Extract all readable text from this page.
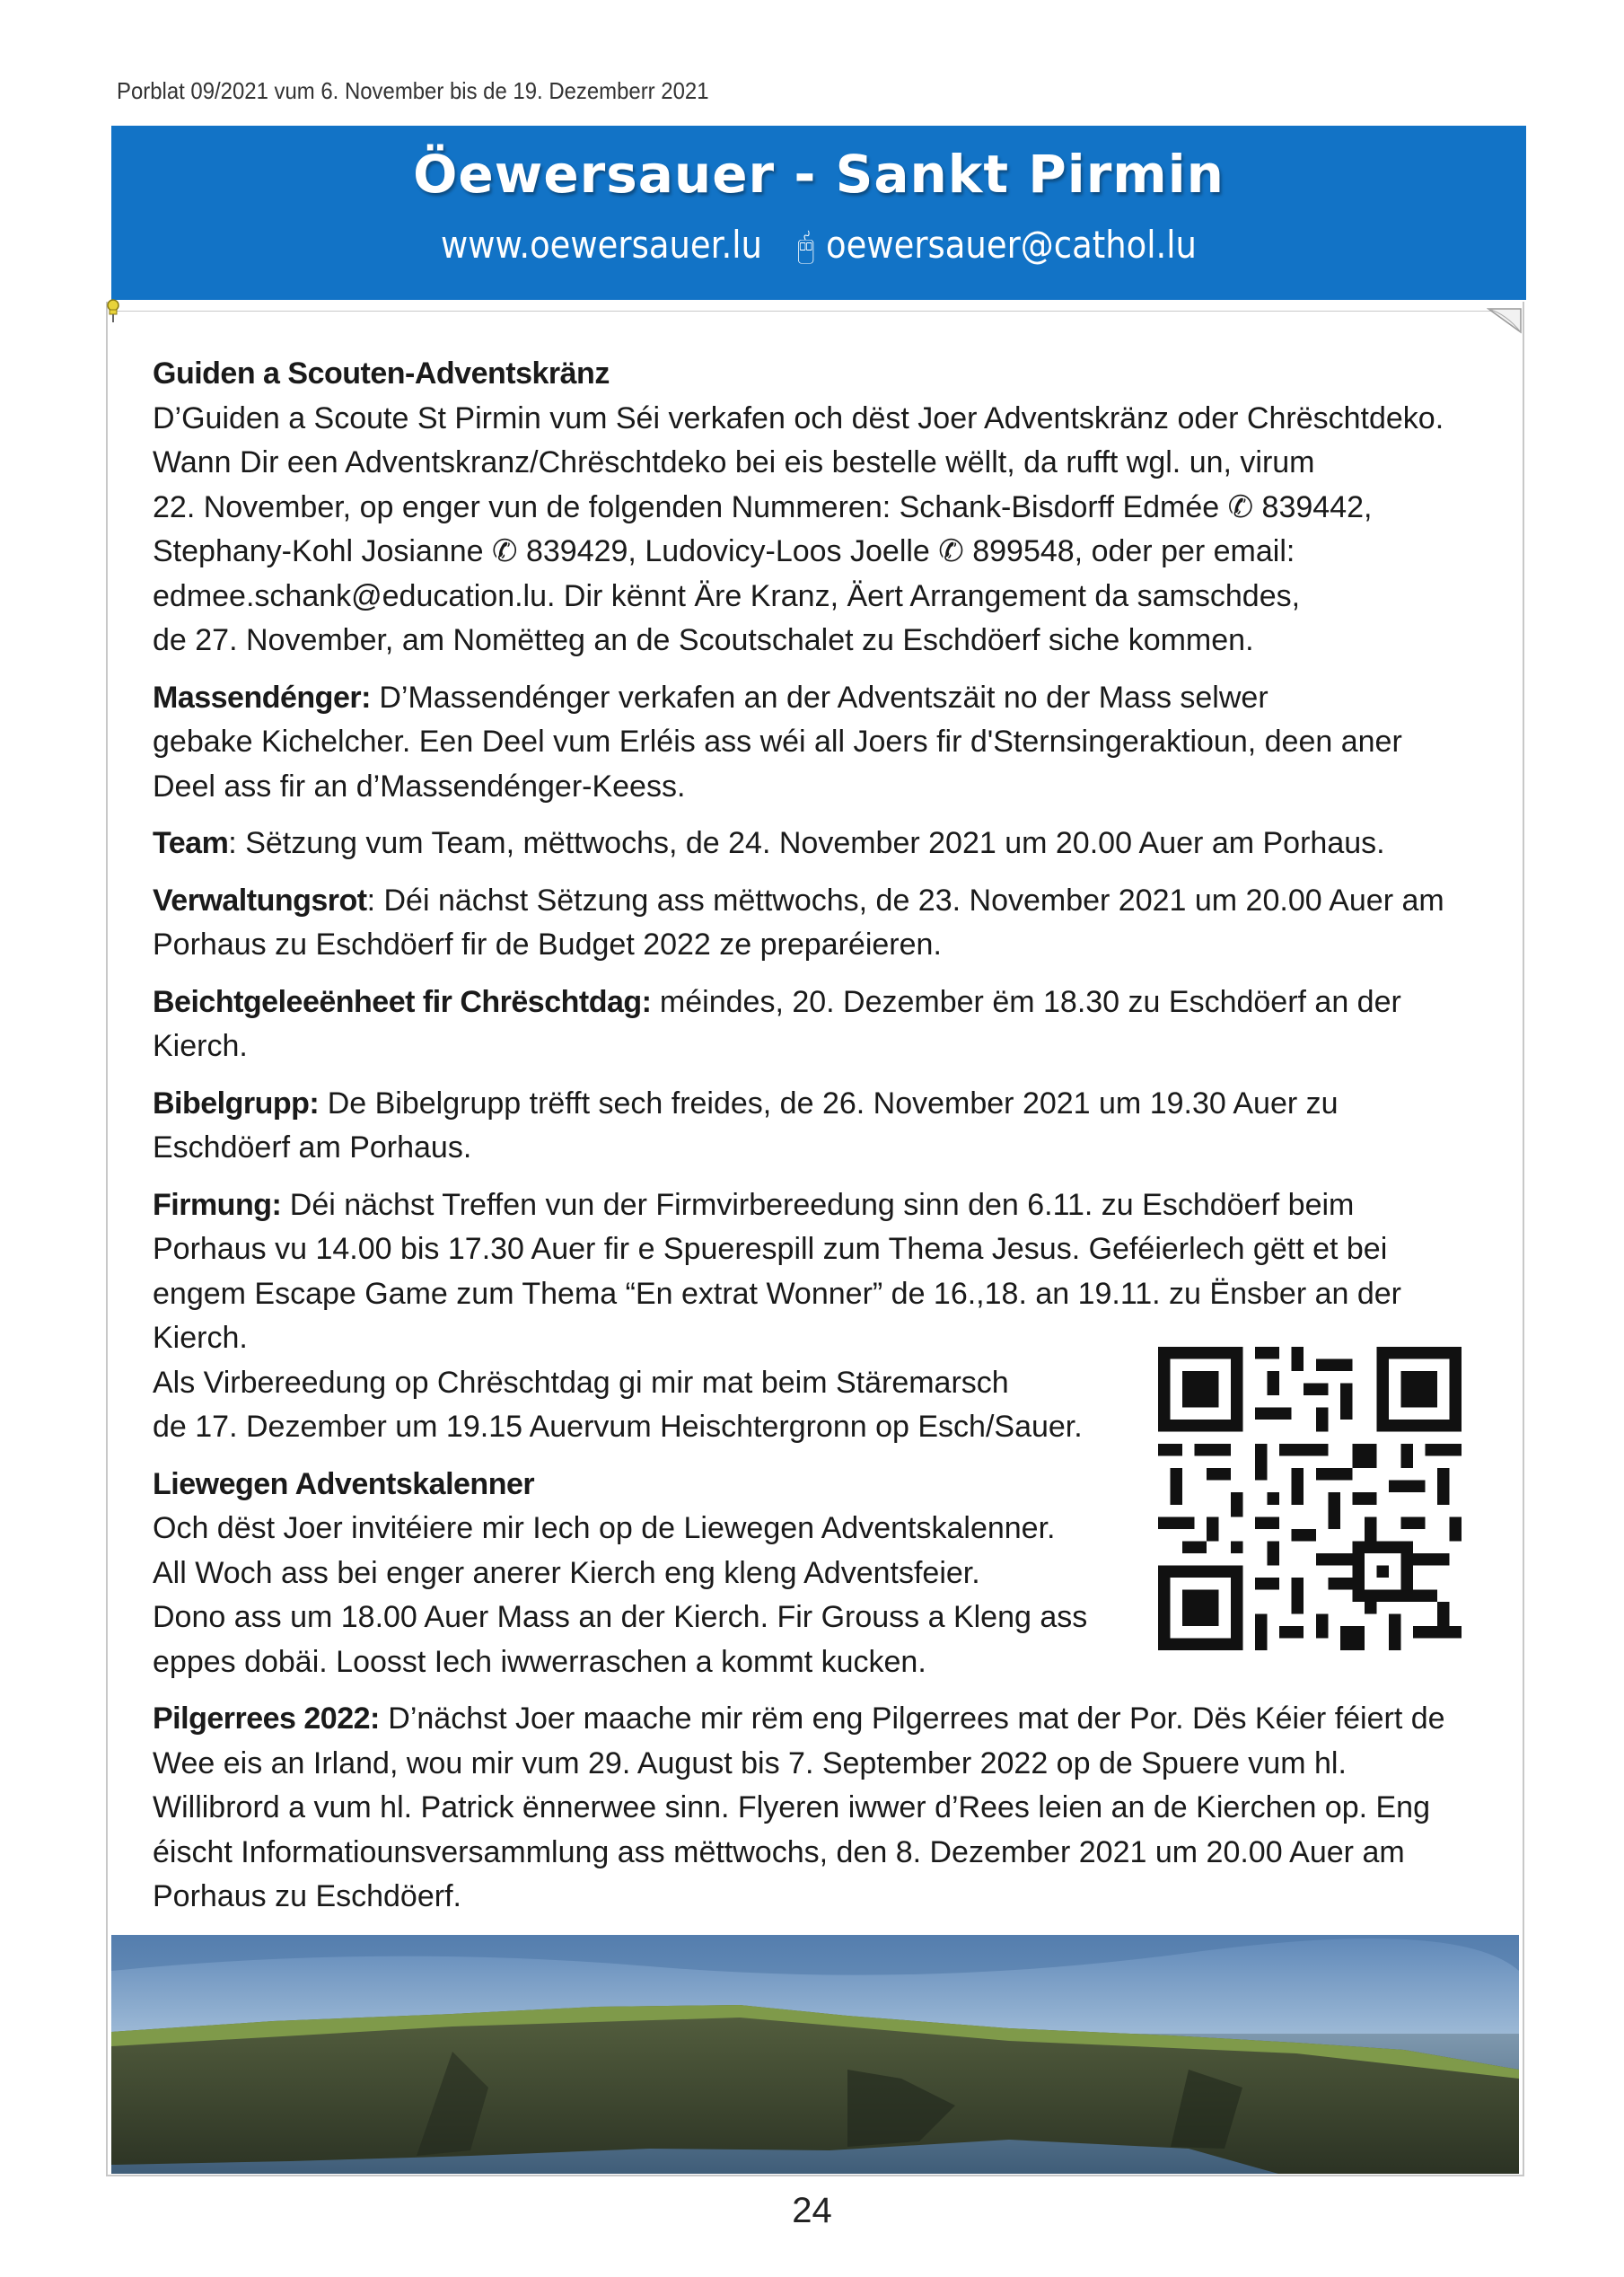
Porblat 09/2021 vum 6. November bis de 19. Dezemberr 2021
Öewersauer - Sankt Pirmin
www.oewersauer.lu 🖰 oewersauer@cathol.lu

Guiden a Scouten-Adventskränz
D’Guiden a Scoute St Pirmin vum Séi verkafen och dëst Joer Adventskränz oder Chrëschtdeko.
Wann Dir een Adventskranz/Chrëschtdeko bei eis bestelle wëllt, da rufft wgl. un, virum
22. November, op enger vun de folgenden Nummeren: Schank-Bisdorff Edmée ✆ 839442,
Stephany-Kohl Josianne ✆ 839429, Ludovicy-Loos Joelle ✆ 899548, oder per email:
edmee.schank@education.lu. Dir kënnt Äre Kranz, Äert Arrangement da samschdes,
de 27. November, am Nomëtteg an de Scoutschalet zu Eschdöerf siche kommen.

Massendénger: D’Massendénger verkafen an der Adventszäit no der Mass selwer
gebake Kichelcher. Een Deel vum Erléis ass wéi all Joers fir d'Sternsingeraktioun, deen aner
Deel ass fir an d’Massendénger-Keess.

Team: Sëtzung vum Team, mëttwochs, de 24. November 2021 um 20.00 Auer am Porhaus.

Verwaltungsrot: Déi nächst Sëtzung ass mëttwochs, de 23. November 2021 um 20.00 Auer am
Porhaus zu Eschdöerf fir de Budget 2022 ze preparéieren.

Beichtgeleeënheet fir Chrëschtdag: méindes, 20. Dezember ëm 18.30 zu Eschdöerf an der
Kierch.

Bibelgrupp: De Bibelgrupp trëfft sech freides, de 26. November 2021 um 19.30 Auer zu
Eschdöerf am Porhaus.

Firmung: Déi nächst Treffen vun der Firmvirbereedung sinn den 6.11. zu Eschdöerf beim
Porhaus vu 14.00 bis 17.30 Auer fir e Spuerespill zum Thema Jesus. Geféierlech gëtt et bei
engem Escape Game zum Thema “En extrat Wonner” de 16.,18. an 19.11. zu Ënsber an der
Kierch.
Als Virbereedung op Chrëschtdag gi mir mat beim Stäremarsch
de 17. Dezember um 19.15 Auervum Heischtergronn op Esch/Sauer.

Liewegen Adventskalenner
Och dëst Joer invitéiere mir Iech op de Liewegen Adventskalenner.
All Woch ass bei enger anerer Kierch eng kleng Adventsfeier.
Dono ass um 18.00 Auer Mass an der Kierch. Fir Grouss a Kleng ass
eppes dobäi. Loosst Iech iwwerraschen a kommt kucken.

Pilgerrees 2022: D’nächst Joer maache mir rëm eng Pilgerrees mat der Por. Dës Kéier féiert de
Wee eis an Irland, wou mir vum 29. August bis 7. September 2022 op de Spuere vum hl.
Willibrord a vum hl. Patrick ënnerwee sinn. Flyeren iwwer d’Rees leien an de Kierchen op. Eng
éischt Informatiounsversammlung ass mëttwochs, den 8. Dezember 2021 um 20.00 Auer am
Porhaus zu Eschdöerf.

24
